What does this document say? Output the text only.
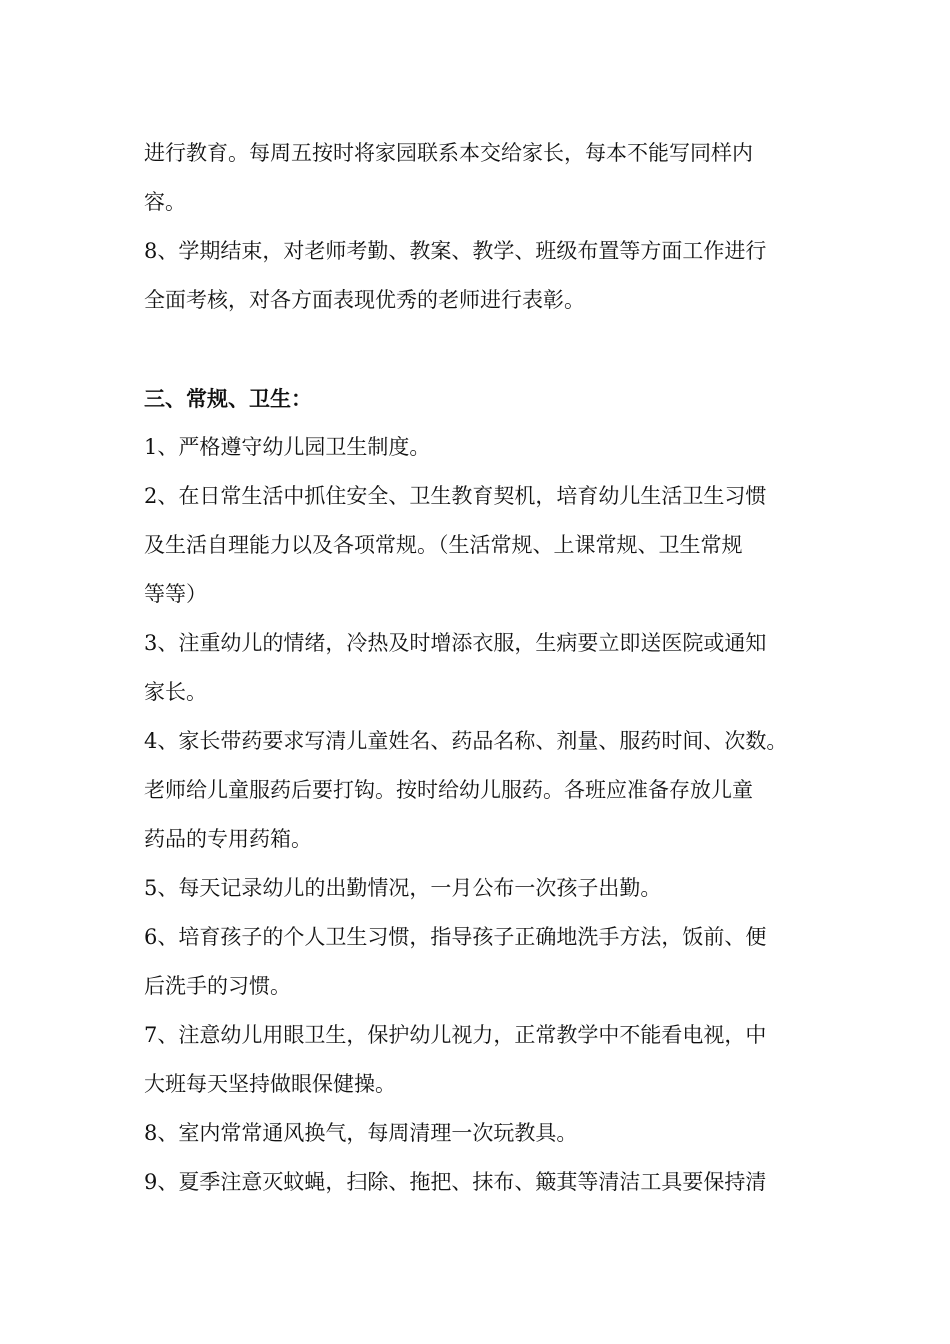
进行教育。每周五按时将家园联系本交给家长，每本不能写同样内

容。

8、学期结束，对老师考勤、教案、教学、班级布置等方面工作进行

全面考核，对各方面表现优秀的老师进行表彰。

三、常规、卫生：

1、严格遵守幼儿园卫生制度。

2、在日常生活中抓住安全、卫生教育契机，培育幼儿生活卫生习惯

及生活自理能力以及各项常规。（生活常规、上课常规、卫生常规

等等）

3、注重幼儿的情绪，冷热及时增添衣服，生病要立即送医院或通知

家长。

4、家长带药要求写清儿童姓名、药品名称、剂量、服药时间、次数。

老师给儿童服药后要打钩。按时给幼儿服药。各班应准备存放儿童

药品的专用药箱。

5、每天记录幼儿的出勤情况，一月公布一次孩子出勤。

6、培育孩子的个人卫生习惯，指导孩子正确地洗手方法，饭前、便

后洗手的习惯。

7、注意幼儿用眼卫生，保护幼儿视力，正常教学中不能看电视，中

大班每天坚持做眼保健操。

8、室内常常通风换气，每周清理一次玩教具。

9、夏季注意灭蚊蝇，扫除、拖把、抹布、簸萁等清洁工具要保持清
